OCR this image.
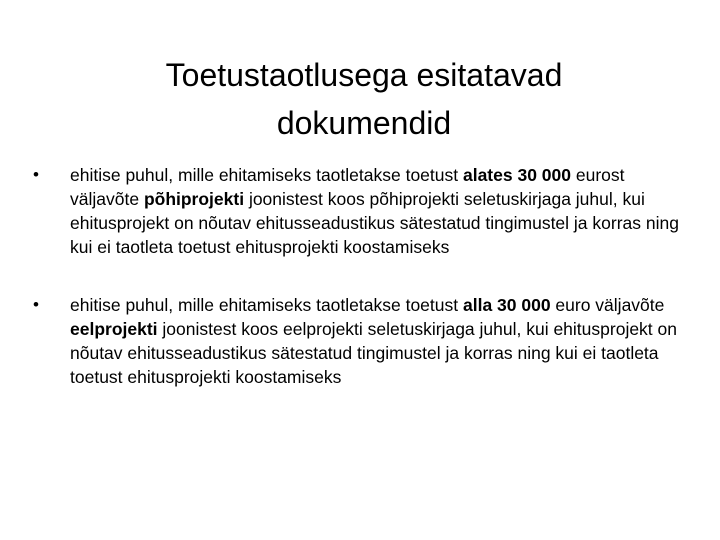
Toetustaotlusega esitatavad
dokumendid
•	ehitise puhul, mille ehitamiseks taotletakse toetust alates 30 000 eurost väljavõte põhiprojekti joonistest koos põhiprojekti seletuskirjaga juhul, kui ehitusprojekt on nõutav ehitusseadustikus sätestatud tingimustel ja korras ning kui ei taotleta toetust ehitusprojekti koostamiseks
•	ehitise puhul, mille ehitamiseks taotletakse toetust alla 30 000 euro väljavõte eelprojekti joonistest koos eelprojekti seletuskirjaga juhul, kui ehitusprojekt on nõutav ehitusseadustikus sätestatud tingimustel ja korras ning kui ei taotleta toetust ehitusprojekti koostamiseks
